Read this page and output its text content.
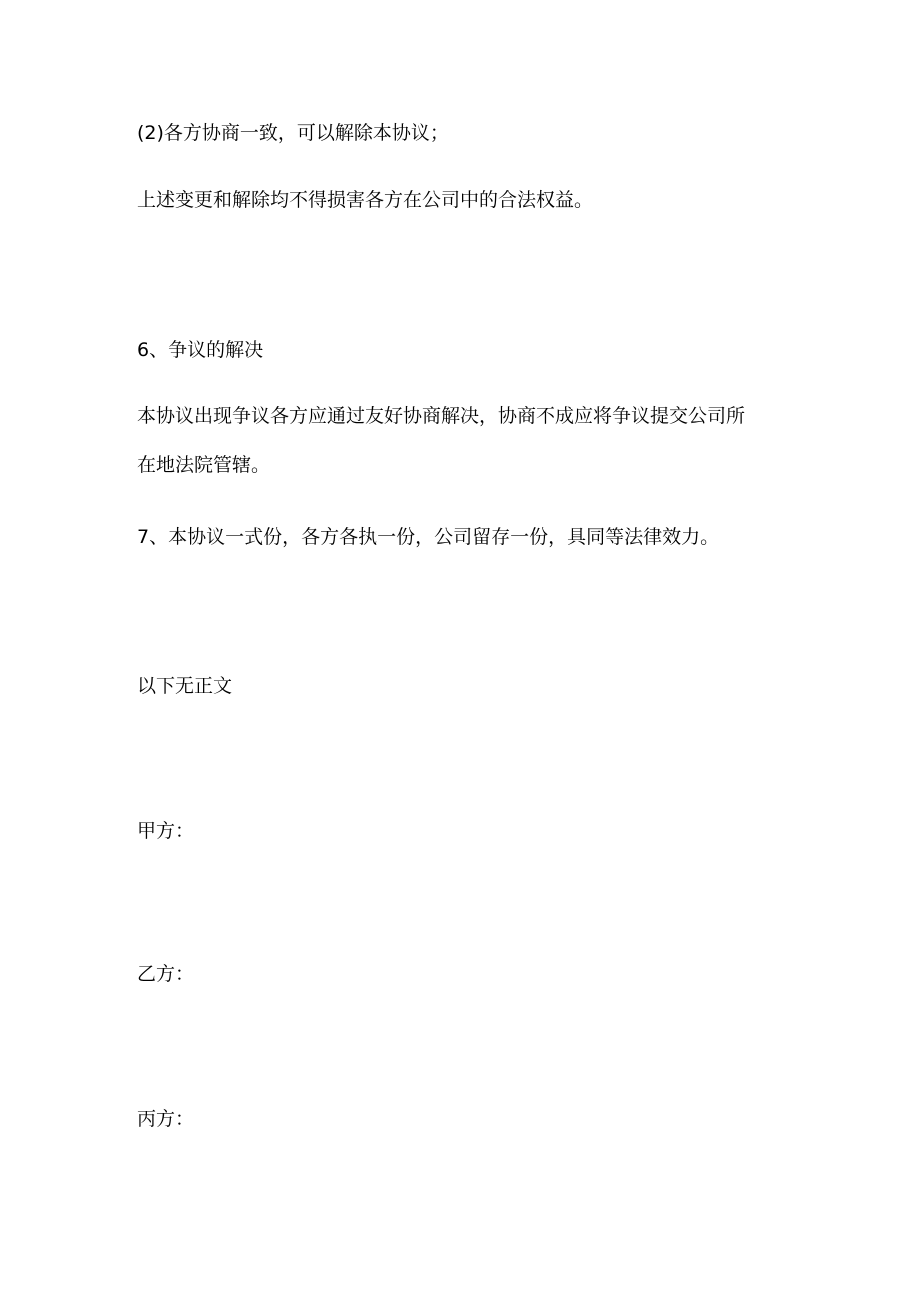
(2)各方协商一致，可以解除本协议；
上述变更和解除均不得损害各方在公司中的合法权益。
6、争议的解决
本协议出现争议各方应通过友好协商解决，协商不成应将争议提交公司所
在地法院管辖。
7、本协议一式份，各方各执一份，公司留存一份，具同等法律效力。
以下无正文
甲方：
乙方：
丙方：
